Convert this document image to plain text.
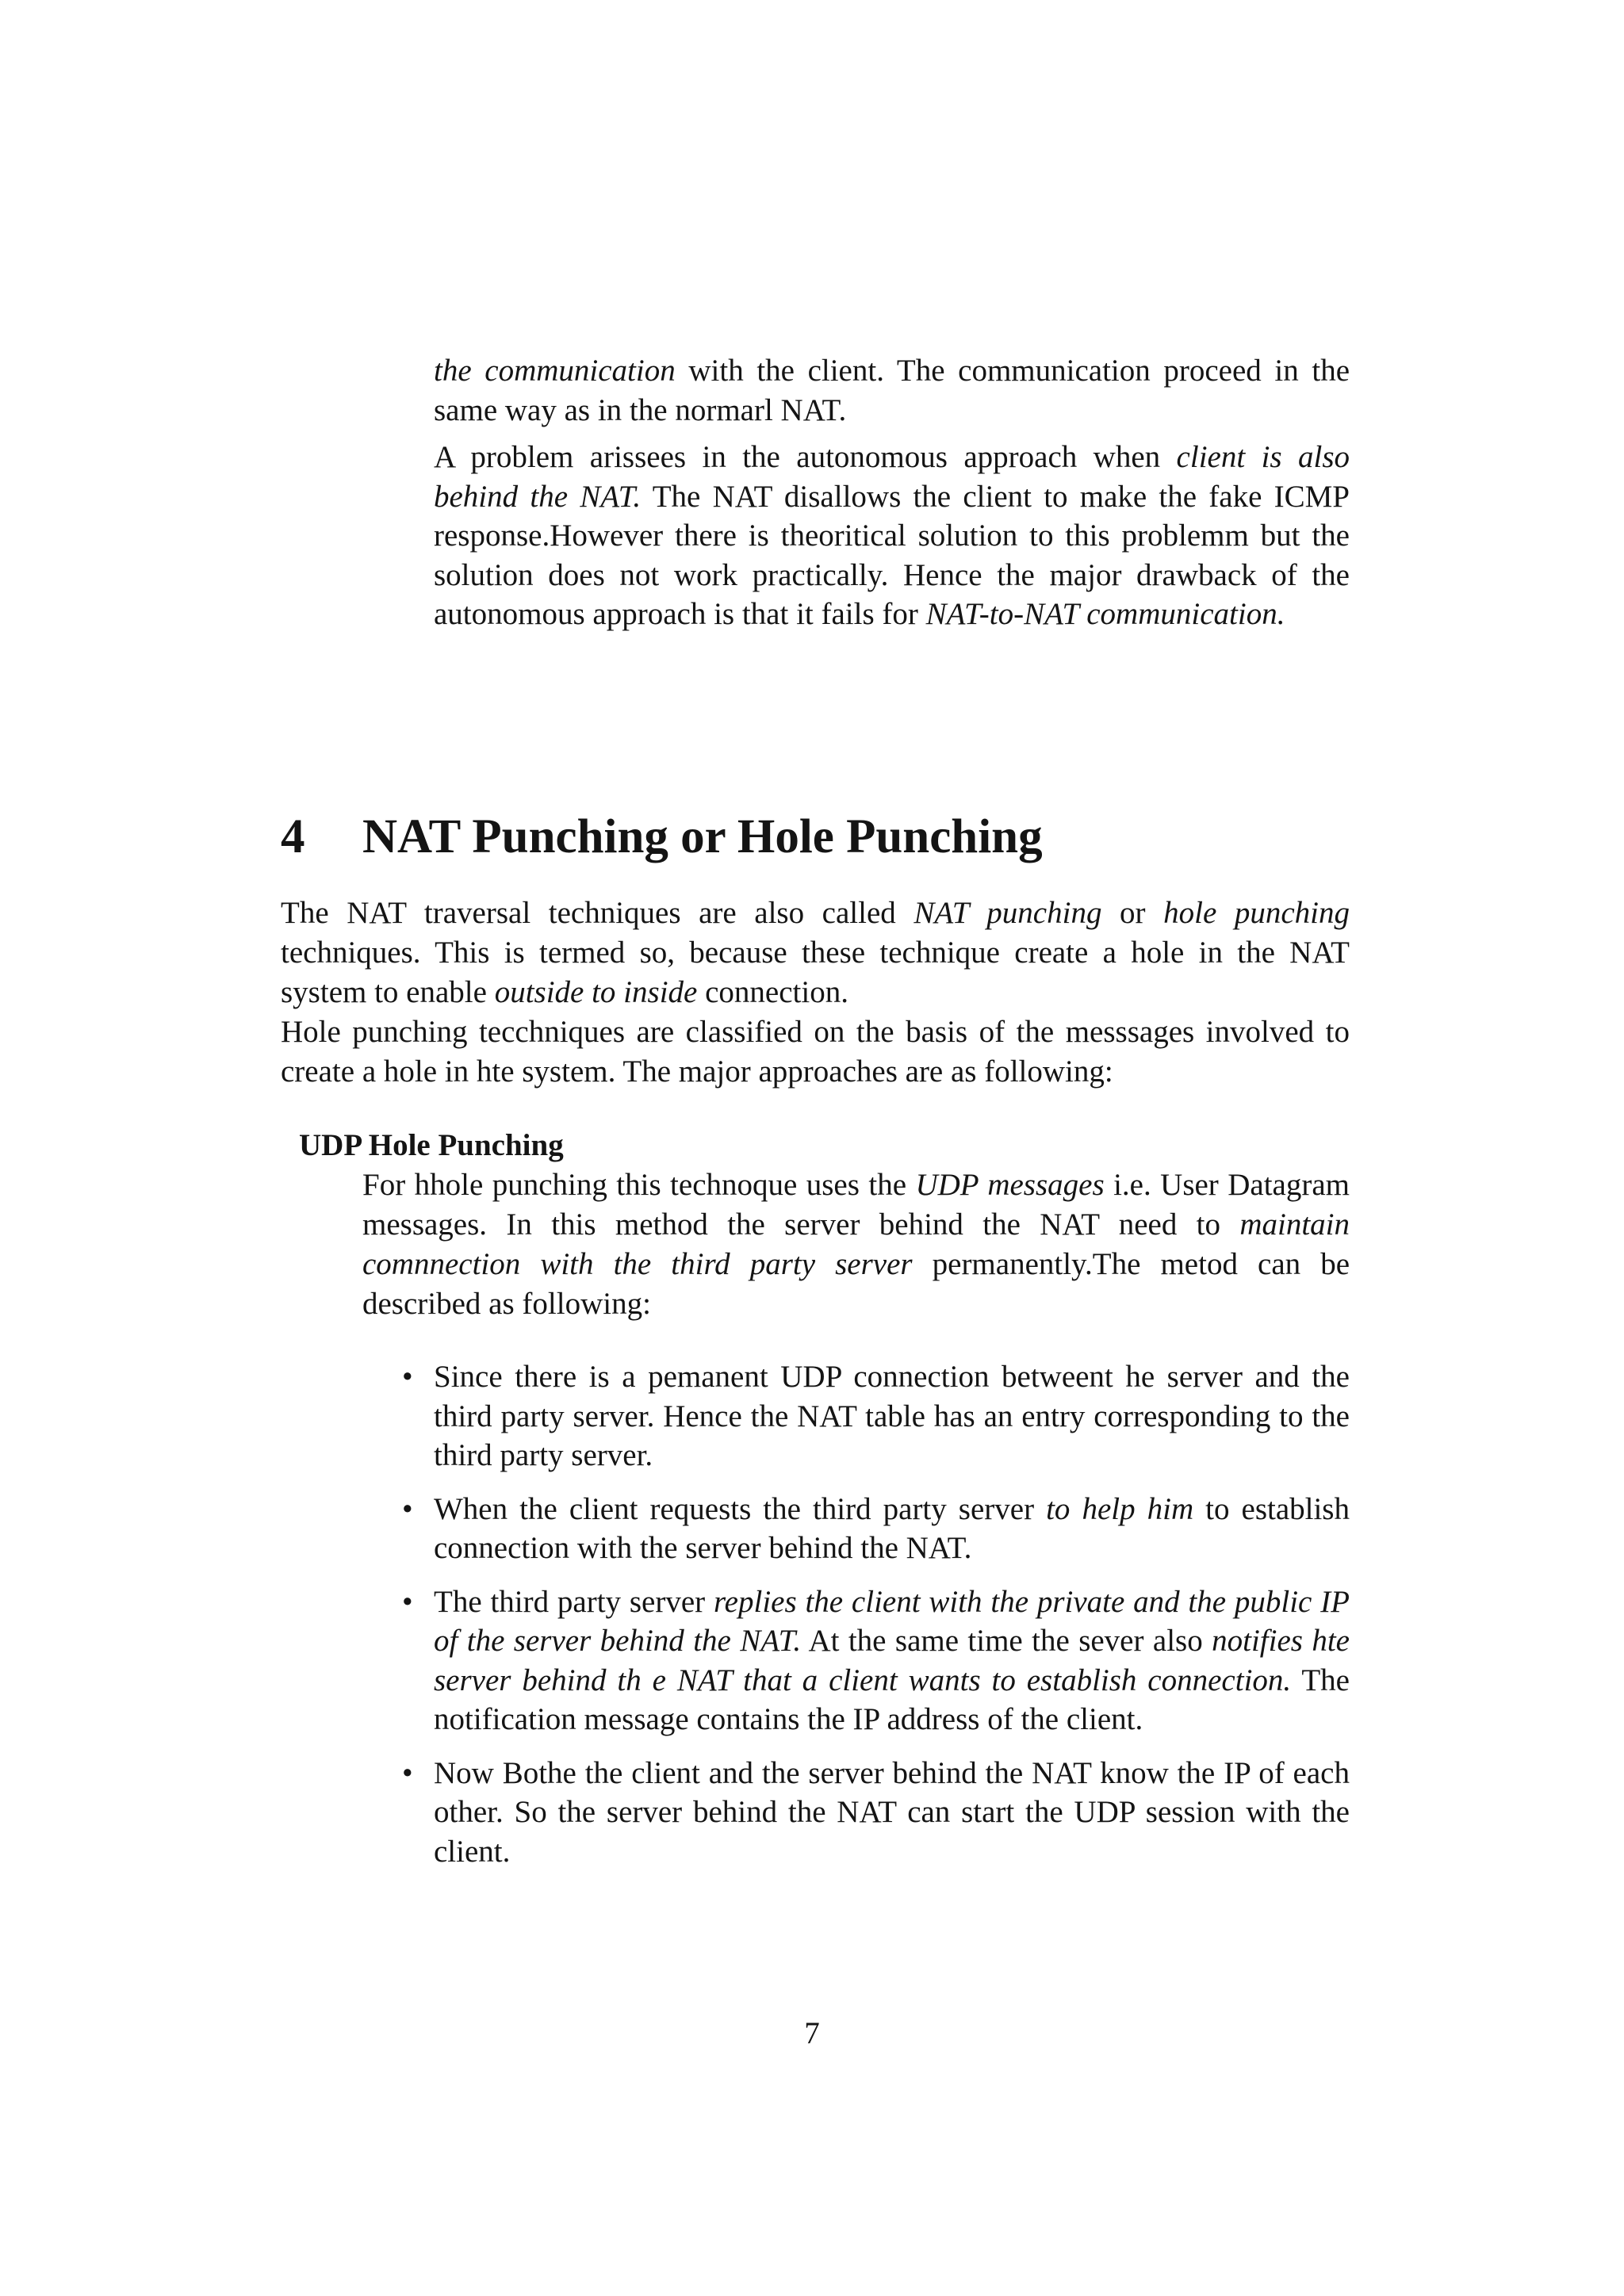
the communication with the client. The communication proceed in the same way as in the normarl NAT.

A problem arissees in the autonomous approach when client is also behind the NAT. The NAT disallows the client to make the fake ICMP response.However there is theoritical solution to this problemm but the solution does not work practically. Hence the major drawback of the autonomous approach is that it fails for NAT-to-NAT communication.

4 NAT Punching or Hole Punching

The NAT traversal techniques are also called NAT punching or hole punching techniques. This is termed so, because these technique create a hole in the NAT system to enable outside to inside connection.

Hole punching tecchniques are classified on the basis of the messsages involved to create a hole in hte system. The major approaches are as following:

UDP Hole Punching

For hhole punching this technoque uses the UDP messages i.e. User Datagram messages. In this method the server behind the NAT need to maintain comnnection with the third party server permanently.The metod can be described as following:

• Since there is a pemanent UDP connection betweent he server and the third party server. Hence the NAT table has an entry corresponding to the third party server.

• When the client requests the third party server to help him to establish connection with the server behind the NAT.

• The third party server replies the client with the private and the public IP of the server behind the NAT. At the same time the sever also notifies hte server behind th e NAT that a client wants to establish connection. The notification message contains the IP address of the client.

• Now Bothe the client and the server behind the NAT know the IP of each other. So the server behind the NAT can start the UDP session with the client.

7
